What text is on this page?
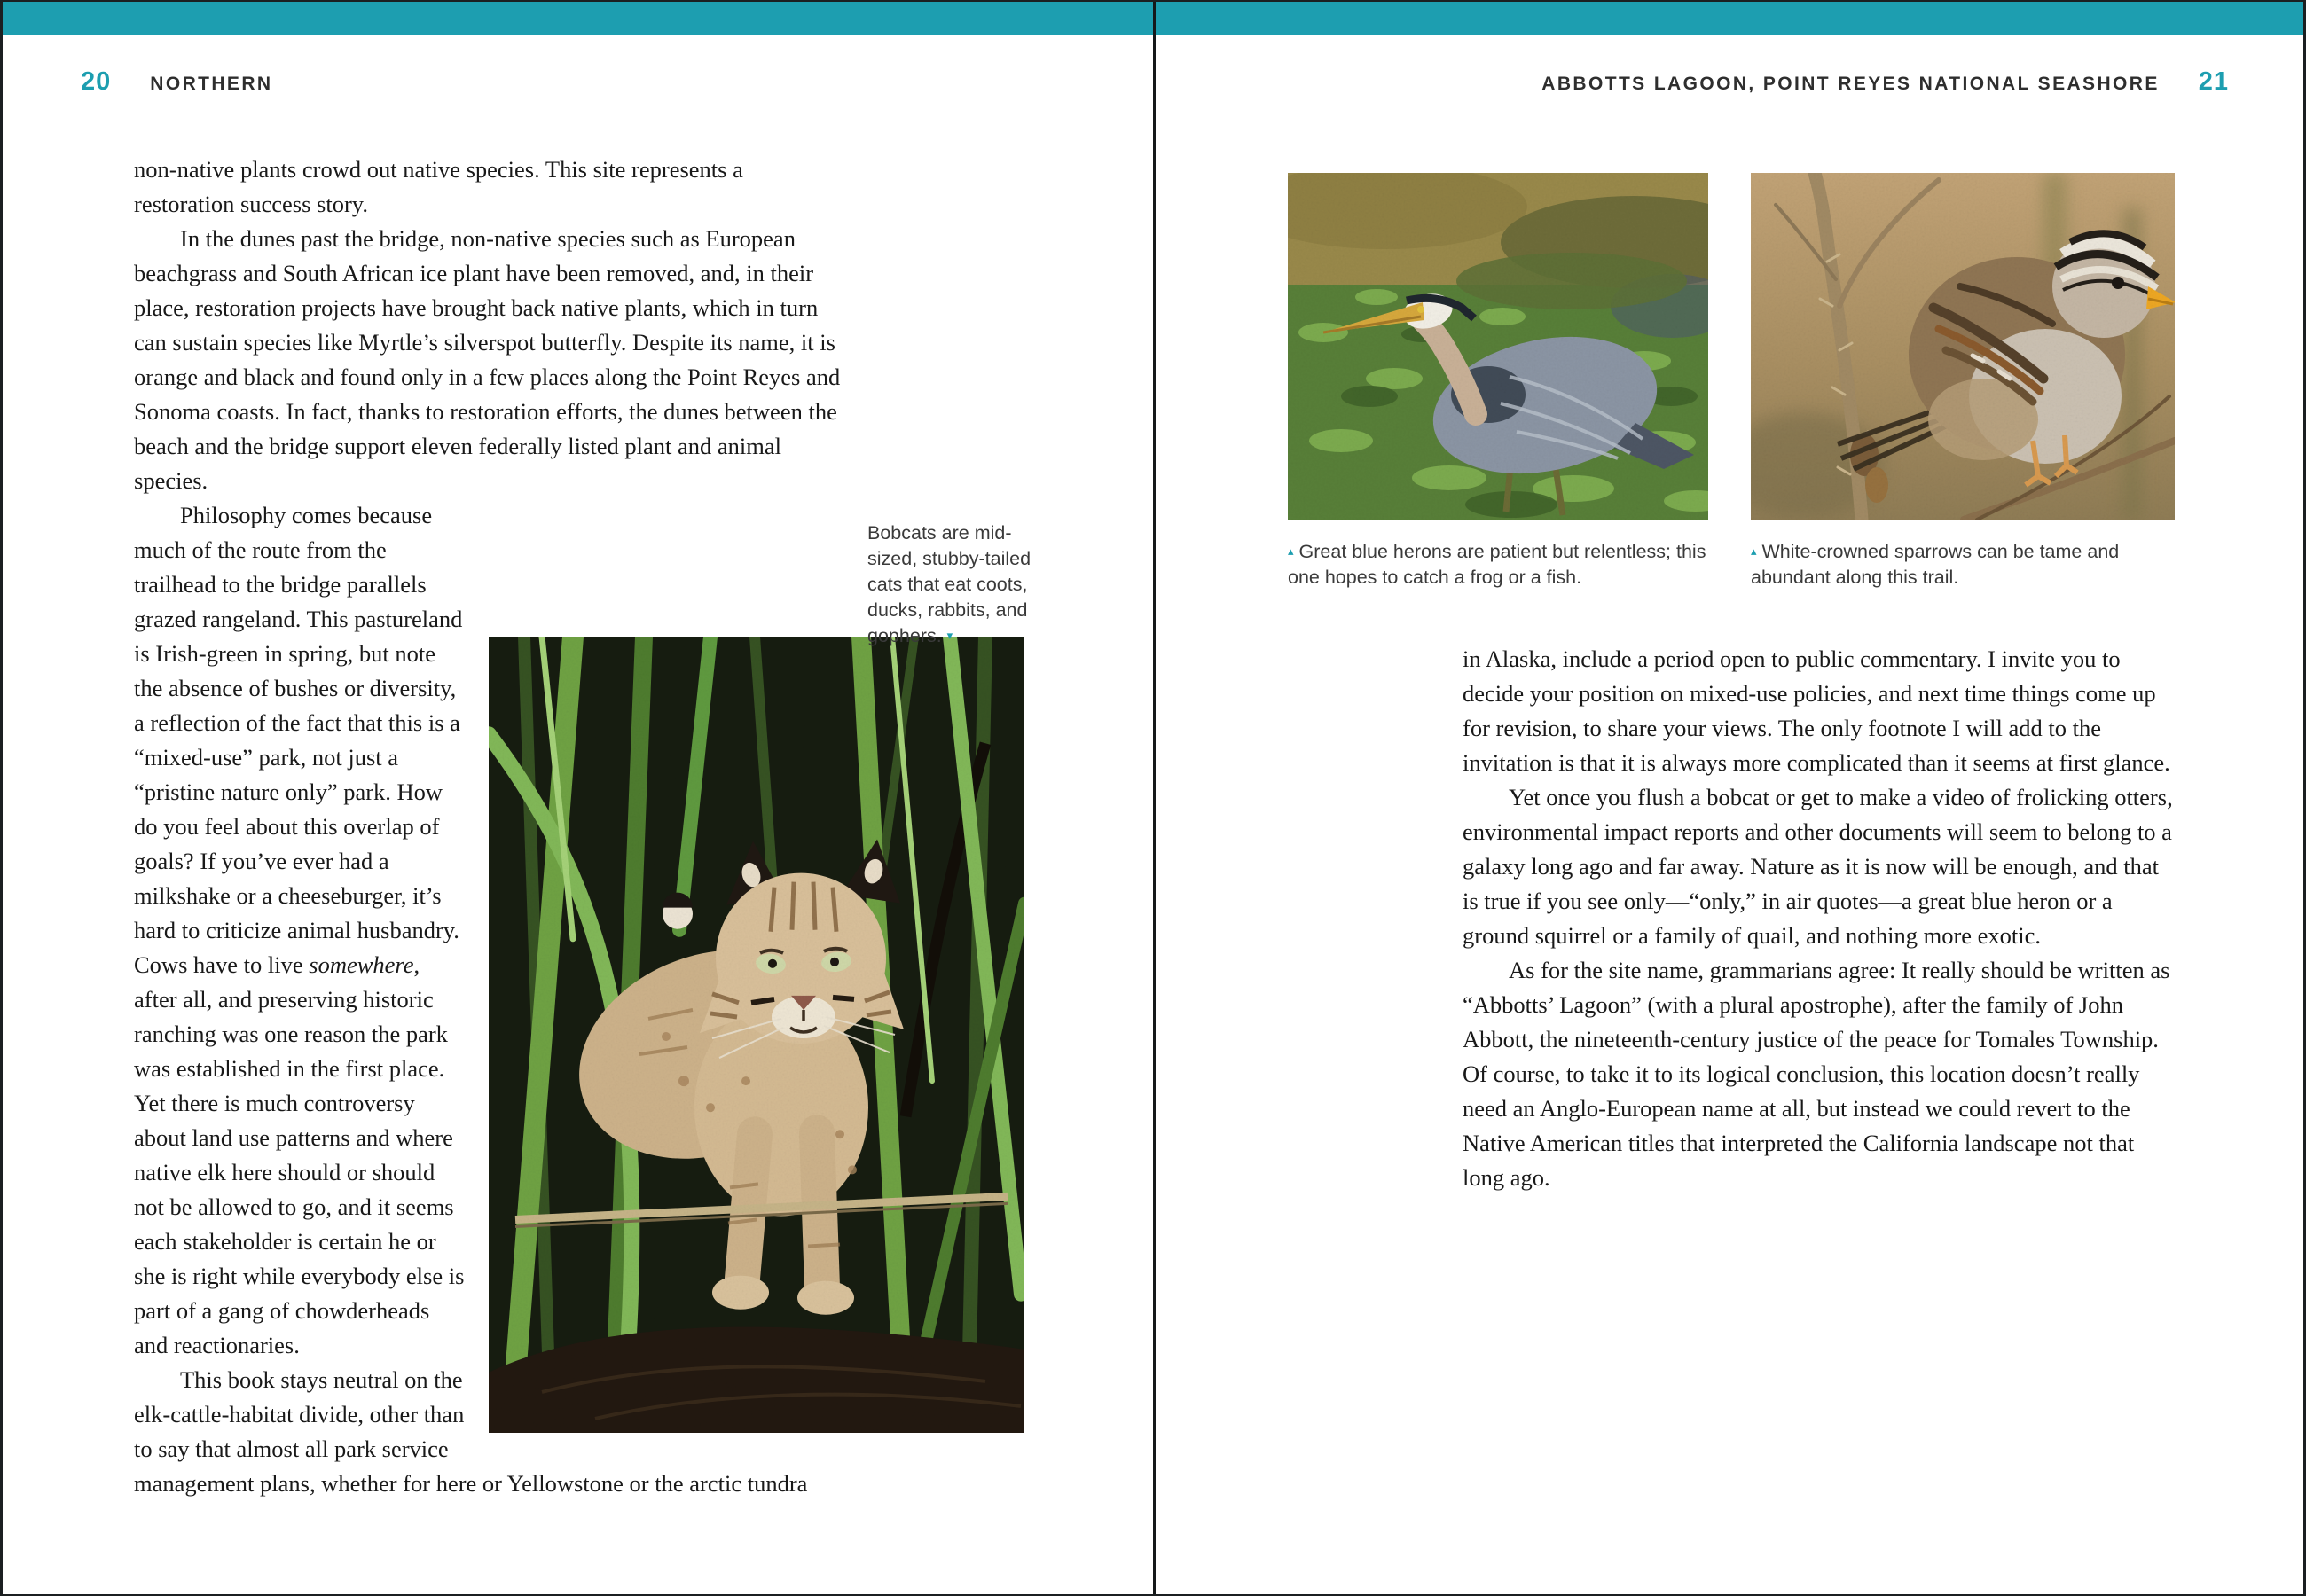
20 NORTHERN	ABBOTTS LAGOON, POINT REYES NATIONAL SEASHORE 21

non-native plants crowd out native species. This site represents a restoration success story.

In the dunes past the bridge, non-native species such as European beachgrass and South African ice plant have been removed, and, in their place, restoration projects have brought back native plants, which in turn can sustain species like Myrtle’s silverspot butterfly. Despite its name, it is orange and black and found only in a few places along the Point Reyes and Sonoma coasts. In fact, thanks to restoration efforts, the dunes between the beach and the bridge support eleven federally listed plant and animal species.

Philosophy comes because much of the route from the trailhead to the bridge parallels grazed rangeland. This pastureland is Irish-green in spring, but note the absence of bushes or diversity, a reflection of the fact that this is a “mixed-use” park, not just a “pristine nature only” park. How do you feel about this overlap of goals? If you’ve ever had a milkshake or a cheeseburger, it’s hard to criticize animal husbandry. Cows have to live somewhere, after all, and preserving historic ranching was one reason the park was established in the first place. Yet there is much controversy about land use patterns and where native elk here should or should not be allowed to go, and it seems each stakeholder is certain he or she is right while everybody else is part of a gang of chowderheads and reactionaries.

This book stays neutral on the elk-cattle-habitat divide, other than to say that almost all park service management plans, whether for here or Yellowstone or the arctic tundra

Bobcats are mid-sized, stubby-tailed cats that eat coots, ducks, rabbits, and gophers. ▾
▴ Great blue herons are patient but relentless; this one hopes to catch a frog or a fish.
▴ White-crowned sparrows can be tame and abundant along this trail.

in Alaska, include a period open to public commentary. I invite you to decide your position on mixed-use policies, and next time things come up for revision, to share your views. The only footnote I will add to the invitation is that it is always more complicated than it seems at first glance.

Yet once you flush a bobcat or get to make a video of frolicking otters, environmental impact reports and other documents will seem to belong to a galaxy long ago and far away. Nature as it is now will be enough, and that is true if you see only—“only,” in air quotes—a great blue heron or a ground squirrel or a family of quail, and nothing more exotic.

As for the site name, grammarians agree: It really should be written as “Abbotts’ Lagoon” (with a plural apostrophe), after the family of John Abbott, the nineteenth-century justice of the peace for Tomales Township. Of course, to take it to its logical conclusion, this location doesn’t really need an Anglo-European name at all, but instead we could revert to the Native American titles that interpreted the California landscape not that long ago.
